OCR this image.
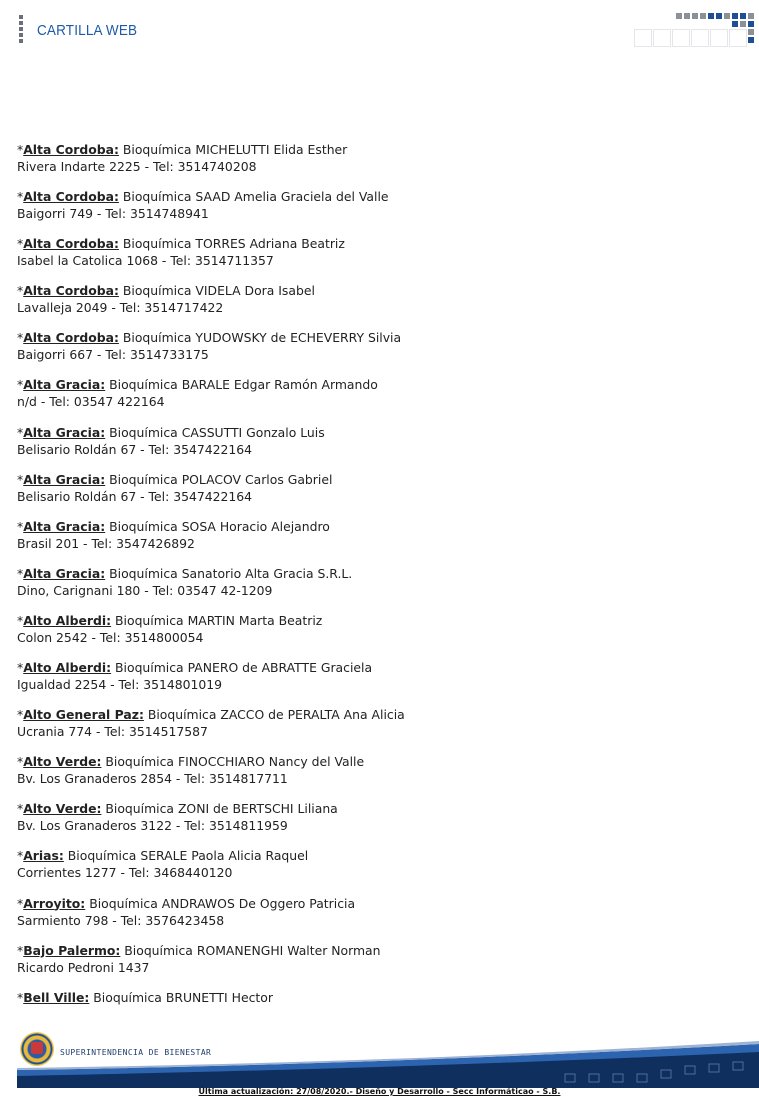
CARTILLA WEB
*Alta Cordoba: Bioquímica MICHELUTTI Elida Esther
Rivera Indarte 2225 - Tel: 3514740208
*Alta Cordoba: Bioquímica SAAD Amelia Graciela del Valle
Baigorri 749 - Tel: 3514748941
*Alta Cordoba: Bioquímica TORRES Adriana Beatriz
Isabel la Catolica 1068 - Tel: 3514711357
*Alta Cordoba: Bioquímica VIDELA Dora Isabel
Lavalleja 2049 - Tel: 3514717422
*Alta Cordoba: Bioquímica YUDOWSKY de ECHEVERRY Silvia
Baigorri 667 - Tel: 3514733175
*Alta Gracia: Bioquímica BARALE Edgar Ramón Armando
n/d - Tel: 03547 422164
*Alta Gracia: Bioquímica CASSUTTI Gonzalo Luis
Belisario Roldán 67 - Tel: 3547422164
*Alta Gracia: Bioquímica POLACOV Carlos Gabriel
Belisario Roldán 67 - Tel: 3547422164
*Alta Gracia: Bioquímica SOSA Horacio Alejandro
Brasil 201 - Tel: 3547426892
*Alta Gracia: Bioquímica Sanatorio Alta Gracia S.R.L.
Dino, Carignani 180 - Tel: 03547 42-1209
*Alto Alberdi: Bioquímica MARTIN Marta Beatriz
Colon 2542 - Tel: 3514800054
*Alto Alberdi: Bioquímica PANERO de ABRATTE Graciela
Igualdad 2254 - Tel: 3514801019
*Alto General Paz: Bioquímica ZACCO de PERALTA Ana Alicia
Ucrania 774 - Tel: 3514517587
*Alto Verde: Bioquímica FINOCCHIARO Nancy del Valle
Bv. Los Granaderos 2854 - Tel: 3514817711
*Alto Verde: Bioquímica ZONI de BERTSCHI Liliana
Bv. Los Granaderos 3122 - Tel: 3514811959
*Arias: Bioquímica SERALE Paola Alicia Raquel
Corrientes 1277 - Tel: 3468440120
*Arroyito: Bioquímica ANDRAWOS De Oggero Patricia
Sarmiento 798 - Tel: 3576423458
*Bajo Palermo: Bioquímica ROMANENGHI Walter Norman
Ricardo Pedroni 1437
*Bell Ville: Bioquímica BRUNETTI Hector
SUPERINTENDENCIA DE BIENESTAR
Última actualización: 27/08/2020.- Diseño y Desarrollo - Secc Informáticao - S.B.
